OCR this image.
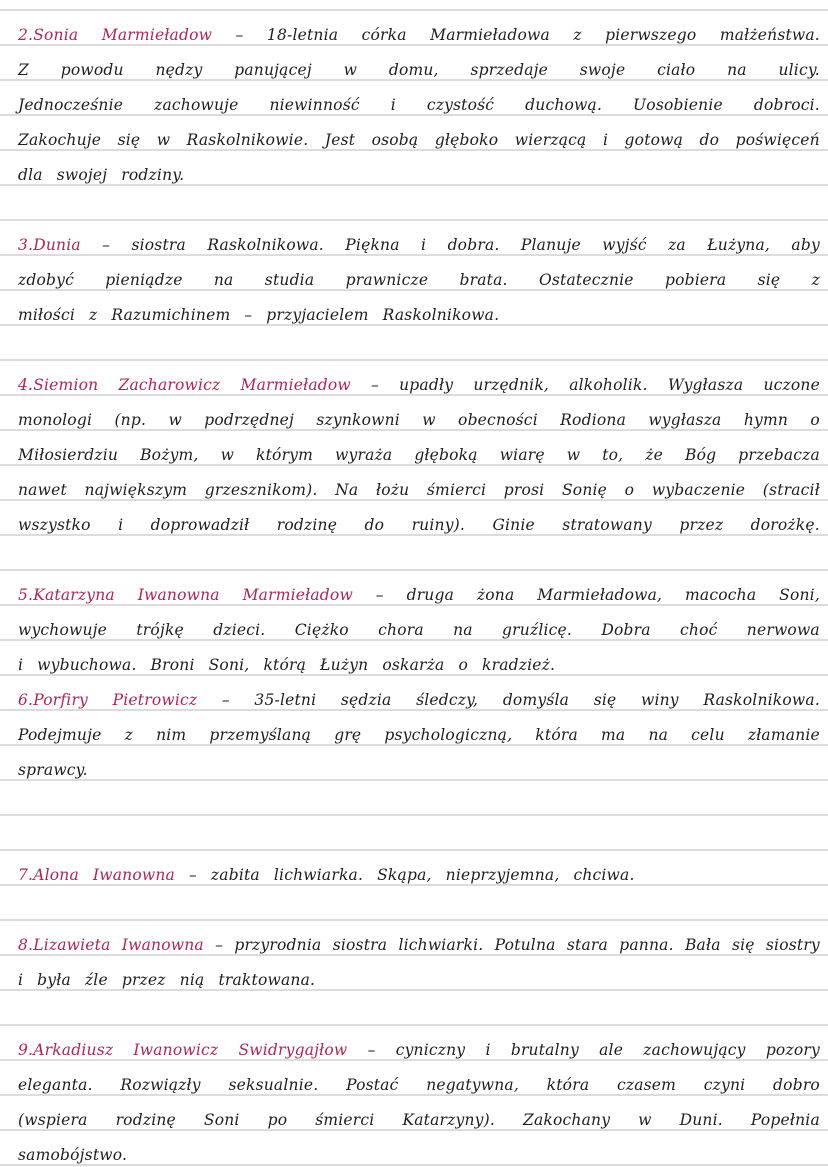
2.Sonia Marmieładow – 18-letnia córka Marmieładowa z pierwszego małżeństwa.
Z powodu nędzy panującej w domu, sprzedaje swoje ciało na ulicy.
Jednocześnie zachowuje niewinność i czystość duchową. Uosobienie dobroci.
Zakochuje się w Raskolnikowie. Jest osobą głęboko wierzącą i gotową do poświęceń
dla swojej rodziny.
3.Dunia – siostra Raskolnikowa. Piękna i dobra. Planuje wyjść za Łużyna, aby
zdobyć pieniądze na studia prawnicze brata. Ostatecznie pobiera się z
miłości z Razumichinem – przyjacielem Raskolnikowa.
4.Siemion Zacharowicz Marmieładow – upadły urzędnik, alkoholik. Wygłasza uczone
monologi (np. w podrzędnej szynkowni w obecności Rodiona wygłasza hymn o
Miłosierdziu Bożym, w którym wyraża głęboką wiarę w to, że Bóg przebacza
nawet największym grzesznikom). Na łożu śmierci prosi Sonię o wybaczenie (stracił
wszystko i doprowadził rodzinę do ruiny). Ginie stratowany przez dorożkę.
5.Katarzyna Iwanowna Marmieładow – druga żona Marmieładowa, macocha Soni,
wychowuje trójkę dzieci. Ciężko chora na gruźlicę. Dobra choć nerwowa
i wybuchowa. Broni Soni, którą Łużyn oskarża o kradzież.
6.Porfiry Pietrowicz – 35-letni sędzia śledczy, domyśla się winy Raskolnikowa.
Podejmuje z nim przemyślaną grę psychologiczną, która ma na celu złamanie
sprawcy.
7.Alona Iwanowna – zabita lichwiarka. Skąpa, nieprzyjemna, chciwa.
8.Lizawieta Iwanowna – przyrodnia siostra lichwiarki. Potulna stara panna. Bała się siostry
i była źle przez nią traktowana.
9.Arkadiusz Iwanowicz Swidrygajłow – cyniczny i brutalny ale zachowujący pozory
eleganta. Rozwiązły seksualnie. Postać negatywna, która czasem czyni dobro
(wspiera rodzinę Soni po śmierci Katarzyny). Zakochany w Duni. Popełnia
samobójstwo.
